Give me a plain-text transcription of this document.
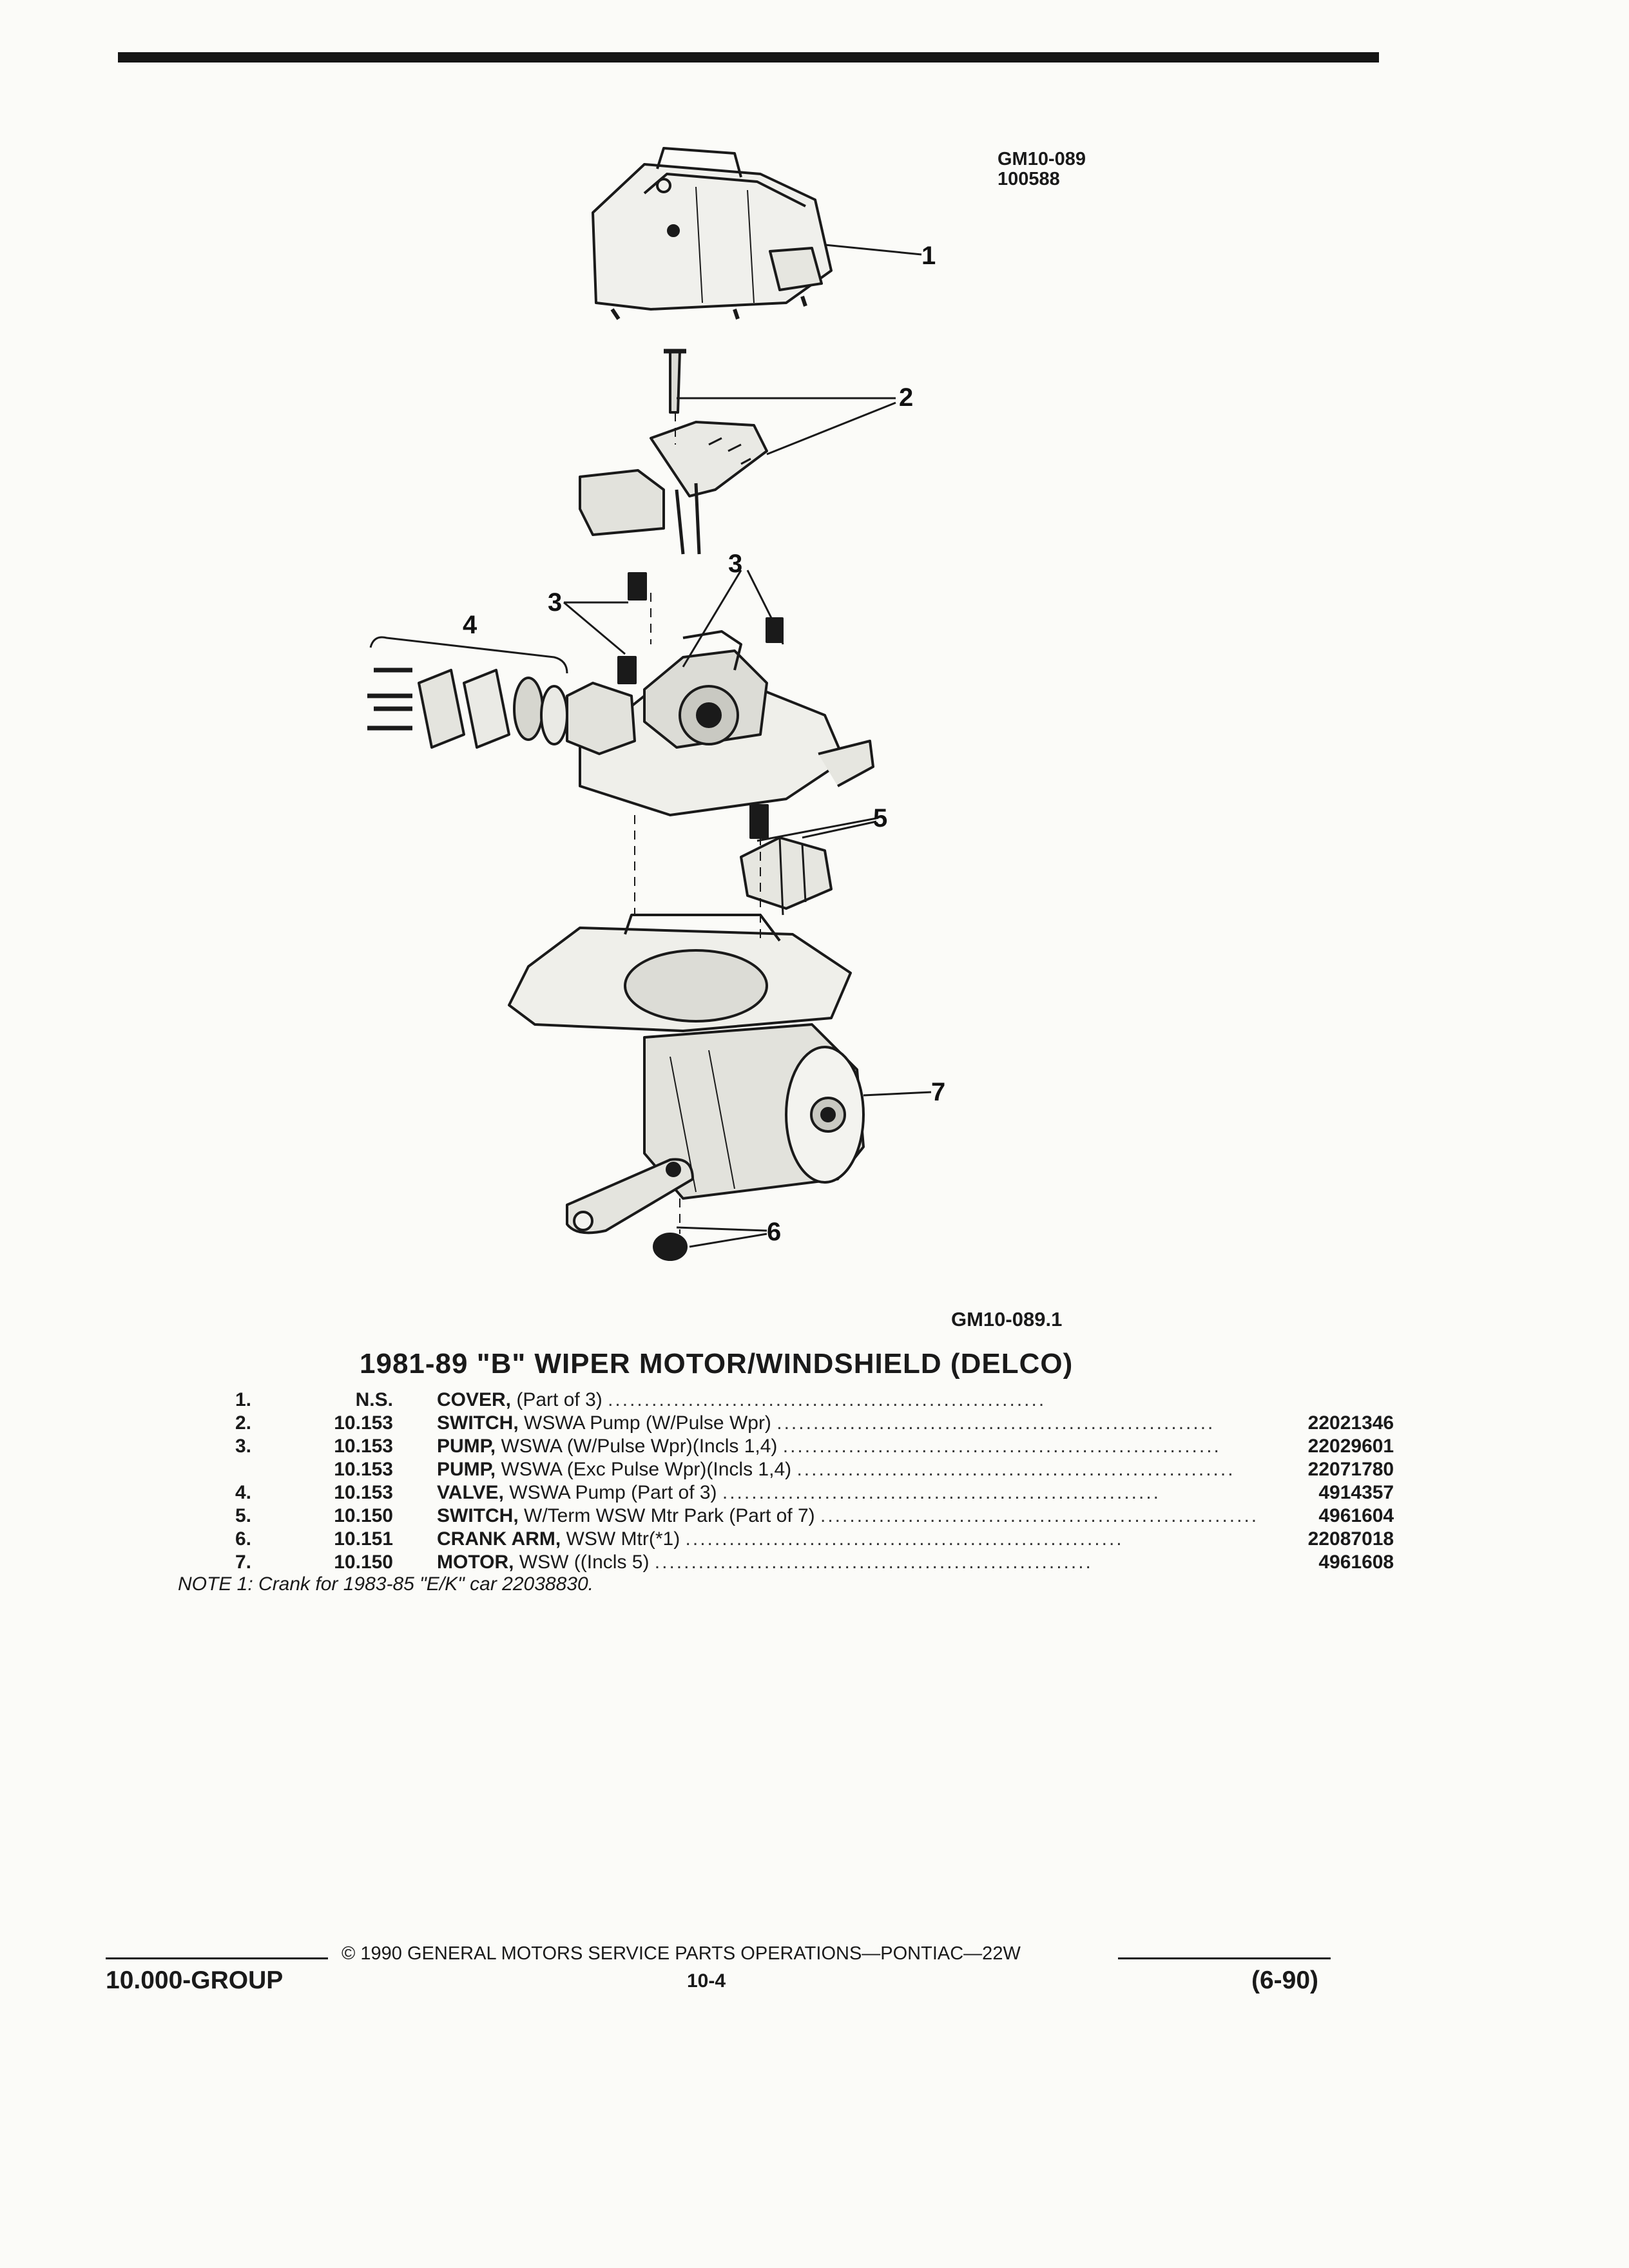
GM10-089
100588
1
2
3
3
4
5
6
7
GM10-089.1
1981-89 "B" WIPER MOTOR/WINDSHIELD (DELCO)
1.	N.S.	COVER, (Part of 3) ............................................................	
2.	10.153	SWITCH, WSWA Pump (W/Pulse Wpr) ............................................................	22021346
3.	10.153	PUMP, WSWA (W/Pulse Wpr)(Incls 1,4) ............................................................	22029601
	10.153	PUMP, WSWA (Exc Pulse Wpr)(Incls 1,4) ............................................................	22071780
4.	10.153	VALVE, WSWA Pump (Part of 3) ............................................................	4914357
5.	10.150	SWITCH, W/Term WSW Mtr Park (Part of 7) ............................................................	4961604
6.	10.151	CRANK ARM, WSW Mtr(*1) ............................................................	22087018
7.	10.150	MOTOR, WSW ((Incls 5) ............................................................	4961608
NOTE 1: Crank for 1983-85 "E/K" car 22038830.
© 1990 GENERAL MOTORS SERVICE PARTS OPERATIONS—PONTIAC—22W
10.000-GROUP	10-4	(6-90)
